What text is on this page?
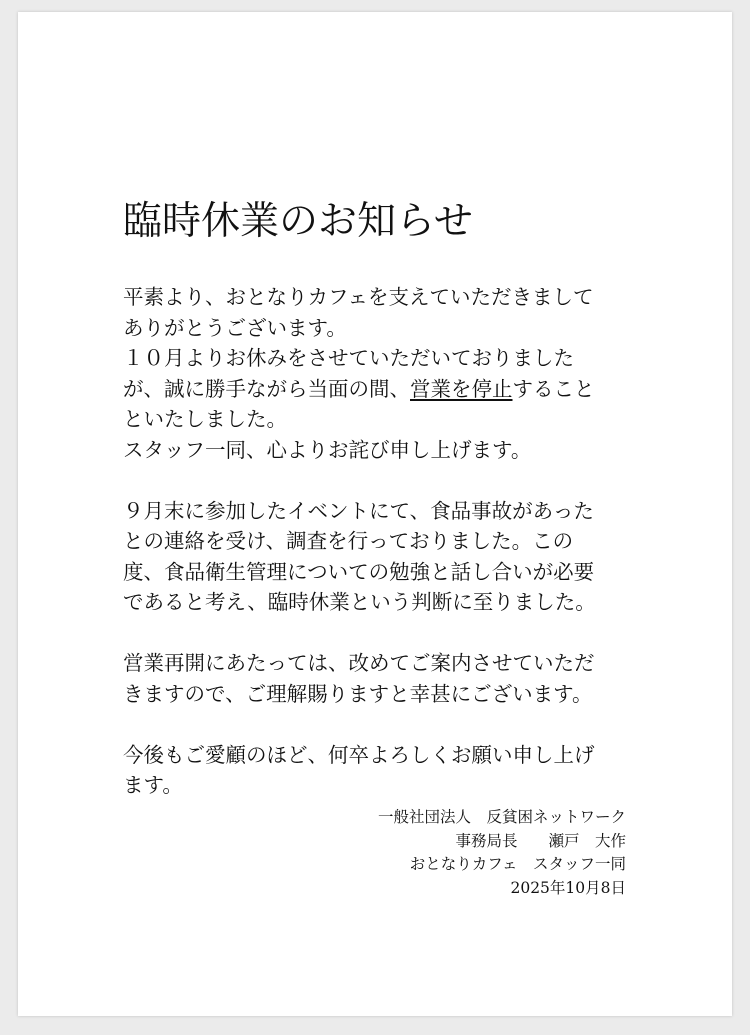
臨時休業のお知らせ

平素より、おとなりカフェを支えていただきまして
ありがとうございます。
１０月よりお休みをさせていただいておりました
が、誠に勝手ながら当面の間、営業を停止すること
といたしました。
スタッフ一同、心よりお詫び申し上げます。

９月末に参加したイベントにて、食品事故があった
との連絡を受け、調査を行っておりました。この
度、食品衛生管理についての勉強と話し合いが必要
であると考え、臨時休業という判断に至りました。

営業再開にあたっては、改めてご案内させていただ
きますので、ご理解賜りますと幸甚にございます。

今後もご愛顧のほど、何卒よろしくお願い申し上げ
ます。

一般社団法人　反貧困ネットワーク
事務局長　　瀬戸　大作
おとなりカフェ　スタッフ一同
2025年10月8日
